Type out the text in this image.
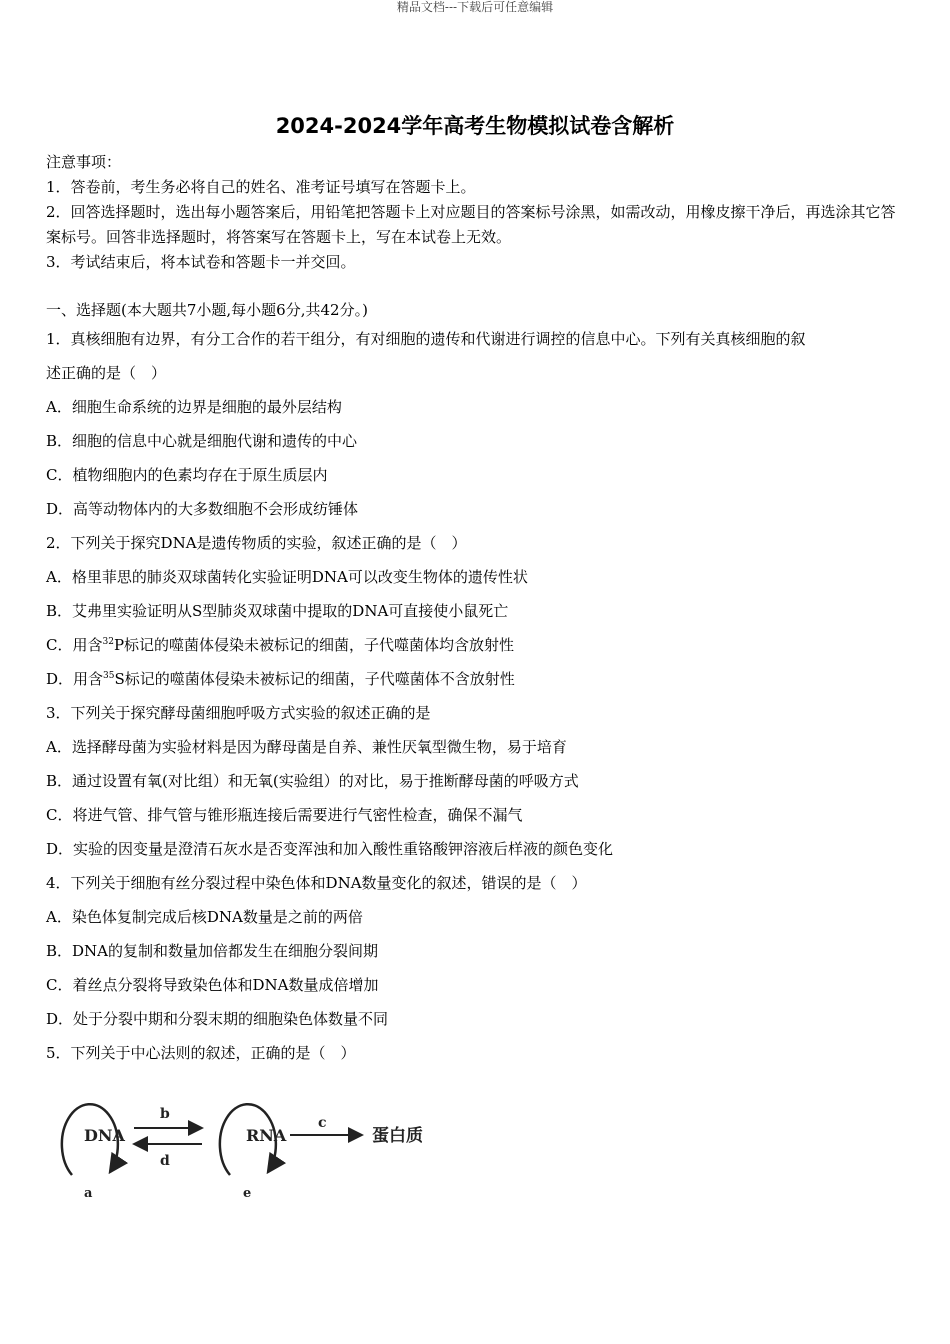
精品文档---下载后可任意编辑
2024-2024学年高考生物模拟试卷含解析
注意事项：
1．答卷前，考生务必将自己的姓名、准考证号填写在答题卡上。
2．回答选择题时，选出每小题答案后，用铅笔把答题卡上对应题目的答案标号涂黑，如需改动，用橡皮擦干净后，再选涂其它答案标号。回答非选择题时，将答案写在答题卡上，写在本试卷上无效。
3．考试结束后，将本试卷和答题卡一并交回。
一、选择题(本大题共7小题,每小题6分,共42分。)
1．真核细胞有边界，有分工合作的若干组分，有对细胞的遗传和代谢进行调控的信息中心。下列有关真核细胞的叙
述正确的是（　）
A．细胞生命系统的边界是细胞的最外层结构
B．细胞的信息中心就是细胞代谢和遗传的中心
C．植物细胞内的色素均存在于原生质层内
D．高等动物体内的大多数细胞不会形成纺锤体
2．下列关于探究DNA是遗传物质的实验，叙述正确的是（　）
A．格里菲思的肺炎双球菌转化实验证明DNA可以改变生物体的遗传性状
B．艾弗里实验证明从S型肺炎双球菌中提取的DNA可直接使小鼠死亡
C．用含$^{32}$P标记的噬菌体侵染未被标记的细菌，子代噬菌体均含放射性
D．用含$^{35}$S标记的噬菌体侵染未被标记的细菌，子代噬菌体不含放射性
3．下列关于探究酵母菌细胞呼吸方式实验的叙述正确的是
A．选择酵母菌为实验材料是因为酵母菌是自养、兼性厌氧型微生物，易于培育
B．通过设置有氧(对比组）和无氧(实验组）的对比，易于推断酵母菌的呼吸方式
C．将进气管、排气管与锥形瓶连接后需要进行气密性检查，确保不漏气
D．实验的因变量是澄清石灰水是否变浑浊和加入酸性重铬酸钾溶液后样液的颜色变化
4．下列关于细胞有丝分裂过程中染色体和DNA数量变化的叙述，错误的是（　）
A．染色体复制完成后核DNA数量是之前的两倍
B．DNA的复制和数量加倍都发生在细胞分裂间期
C．着丝点分裂将导致染色体和DNA数量成倍增加
D．处于分裂中期和分裂末期的细胞染色体数量不同
5．下列关于中心法则的叙述，正确的是（　）
DNA
a
b
d
RNA
e
c
蛋白质
